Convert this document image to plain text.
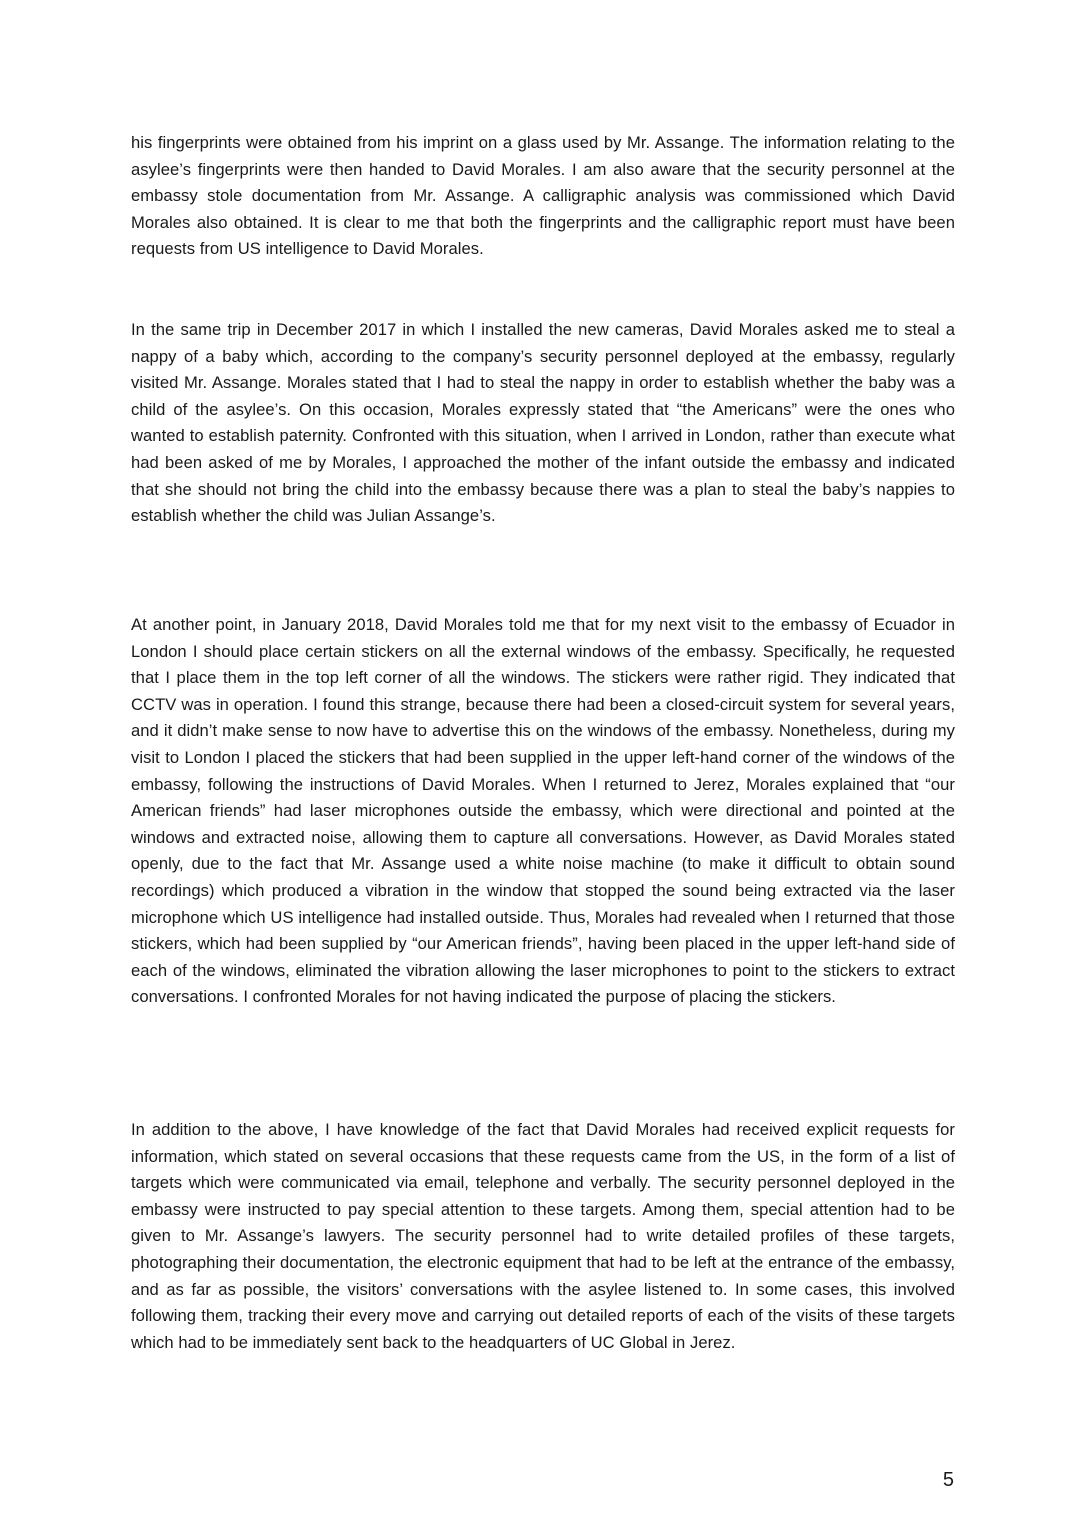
his fingerprints were obtained from his imprint on a glass used by Mr. Assange. The information relating to the asylee’s fingerprints were then handed to David Morales. I am also aware that the security personnel at the embassy stole documentation from Mr. Assange. A calligraphic analysis was commissioned which David Morales also obtained. It is clear to me that both the fingerprints and the calligraphic report must have been requests from US intelligence to David Morales.

In the same trip in December 2017 in which I installed the new cameras, David Morales asked me to steal a nappy of a baby which, according to the company’s security personnel deployed at the embassy, regularly visited Mr. Assange. Morales stated that I had to steal the nappy in order to establish whether the baby was a child of the asylee’s. On this occasion, Morales expressly stated that “the Americans” were the ones who wanted to establish paternity. Confronted with this situation, when I arrived in London, rather than execute what had been asked of me by Morales, I approached the mother of the infant outside the embassy and indicated that she should not bring the child into the embassy because there was a plan to steal the baby’s nappies to establish whether the child was Julian Assange’s.

At another point, in January 2018, David Morales told me that for my next visit to the embassy of Ecuador in London I should place certain stickers on all the external windows of the embassy. Specifically, he requested that I place them in the top left corner of all the windows. The stickers were rather rigid. They indicated that CCTV was in operation. I found this strange, because there had been a closed-circuit system for several years, and it didn’t make sense to now have to advertise this on the windows of the embassy. Nonetheless, during my visit to London I placed the stickers that had been supplied in the upper left-hand corner of the windows of the embassy, following the instructions of David Morales. When I returned to Jerez, Morales explained that “our American friends” had laser microphones outside the embassy, which were directional and pointed at the windows and extracted noise, allowing them to capture all conversations. However, as David Morales stated openly, due to the fact that Mr. Assange used a white noise machine (to make it difficult to obtain sound recordings) which produced a vibration in the window that stopped the sound being extracted via the laser microphone which US intelligence had installed outside. Thus, Morales had revealed when I returned that those stickers, which had been supplied by “our American friends”, having been placed in the upper left-hand side of each of the windows, eliminated the vibration allowing the laser microphones to point to the stickers to extract conversations. I confronted Morales for not having indicated the purpose of placing the stickers.

In addition to the above, I have knowledge of the fact that David Morales had received explicit requests for information, which stated on several occasions that these requests came from the US, in the form of a list of targets which were communicated via email, telephone and verbally. The security personnel deployed in the embassy were instructed to pay special attention to these targets. Among them, special attention had to be given to Mr. Assange’s lawyers. The security personnel had to write detailed profiles of these targets, photographing their documentation, the electronic equipment that had to be left at the entrance of the embassy, and as far as possible, the visitors’ conversations with the asylee listened to. In some cases, this involved following them, tracking their every move and carrying out detailed reports of each of the visits of these targets which had to be immediately sent back to the headquarters of UC Global in Jerez.

5
